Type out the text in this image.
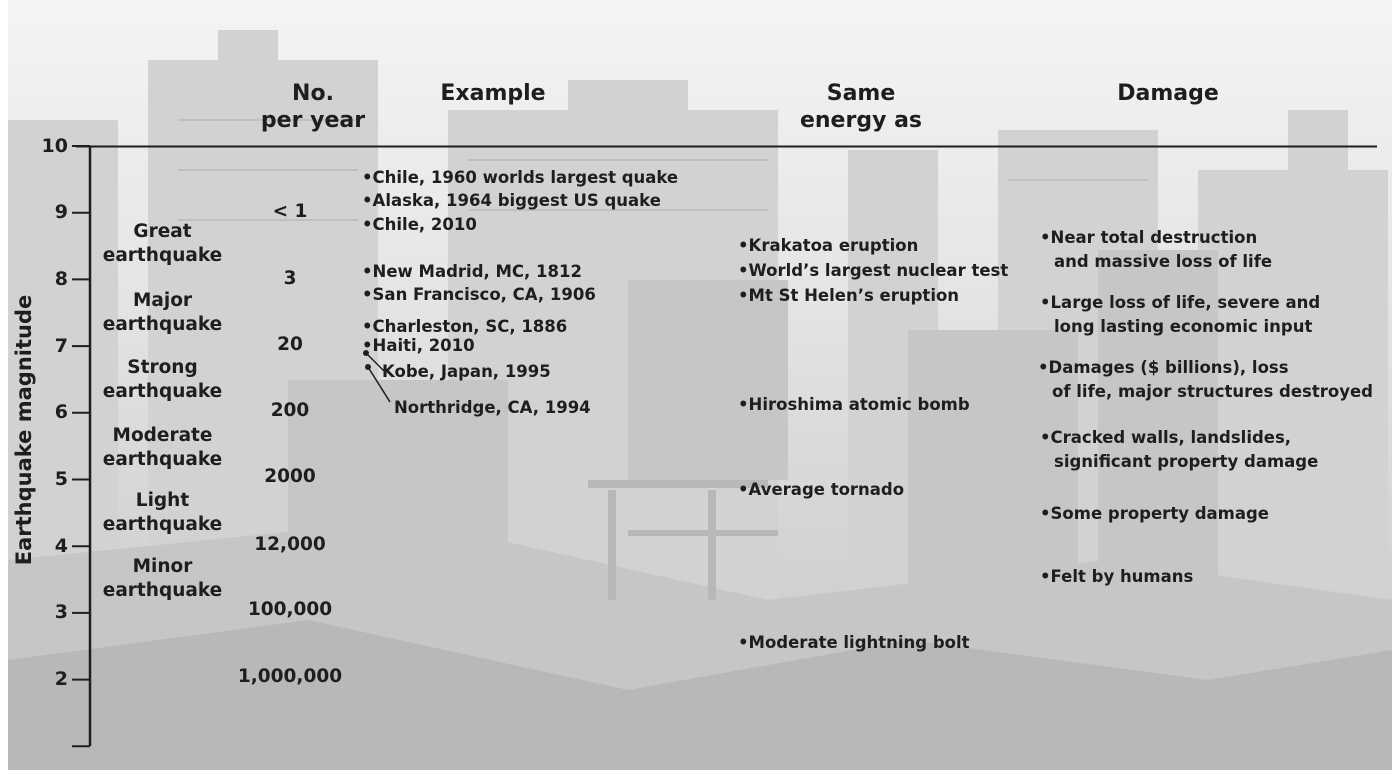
Earthquake magnitude
10
9
8
7
6
5
4
3
2
No.
per year
Example	Same
energy as
Damage
Great
earthquake
Major
earthquake
Strong
earthquake
Moderate
earthquake
Light
earthquake
Minor
earthquake
< 1
3
20
200
2000
12,000
100,000
1,000,000
• Chile, 1960 worlds largest quake
• Alaska, 1964 biggest US quake
• Chile, 2010
• New Madrid, MC, 1812
• San Francisco, CA, 1906
• Charleston, SC, 1886
• Haiti, 2010
Kobe, Japan, 1995
Northridge, CA, 1994
• Krakatoa eruption
• World’s largest nuclear test
• Mt St Helen’s eruption
• Hiroshima atomic bomb
• Average tornado
• Moderate lightning bolt
• Near total destruction
and massive loss of life
• Large loss of life, severe and
long lasting economic input
• Damages ($ billions), loss
of life, major structures destroyed
• Cracked walls, landslides,
significant property damage
• Some property damage
• Felt by humans
